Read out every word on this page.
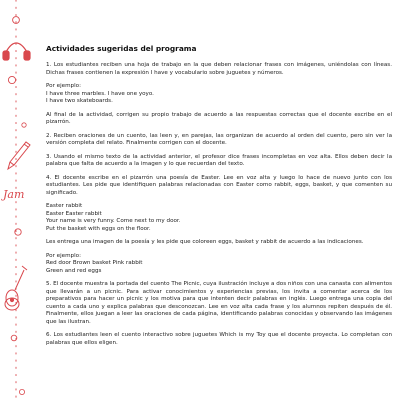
Jam
Actividades sugeridas del programa

1. Los estudiantes reciben una hoja de trabajo en la que deben relacionar frases con imágenes, uniéndolas con líneas. Dichas frases contienen la expresión I have y vocabulario sobre juguetes y números.

Por ejemplo:
I have three marbles. I have one yoyo.
I have two skateboards.

Al final de la actividad, corrigen su propio trabajo de acuerdo a las respuestas correctas que el docente escribe en el pizarrón.

2. Reciben oraciones de un cuento, las leen y, en parejas, las organizan de acuerdo al orden del cuento, pero sin ver la versión completa del relato. Finalmente corrigen con el docente.

3. Usando el mismo texto de la actividad anterior, el profesor dice frases incompletas en voz alta. Ellos deben decir la palabra que falta de acuerdo a la imagen y lo que recuerdan del texto.

4. El docente escribe en el pizarrón una poesía de Easter. Lee en voz alta y luego lo hace de nuevo junto con los estudiantes. Les pide que identifiquen palabras relacionadas con Easter como rabbit, eggs, basket, y que comenten su significado.

Easter rabbit
Easter Easter rabbit
Your name is very funny. Come next to my door.
Put the basket with eggs on the floor.

Les entrega una imagen de la poesía y les pide que coloreen eggs, basket y rabbit de acuerdo a las indicaciones.

Por ejemplo:
Red door Brown basket Pink rabbit
Green and red eggs

5. El docente muestra la portada del cuento The Picnic, cuya ilustración incluye a dos niños con una canasta con alimentos que llevarán a un picnic. Para activar conocimientos y experiencias previas, los invita a comentar acerca de los preparativos para hacer un picnic y los motiva para que intenten decir palabras en inglés. Luego entrega una copia del cuento a cada uno y explica palabras que desconozcan. Lee en voz alta cada frase y los alumnos repiten después de él. Finalmente, ellos juegan a leer las oraciones de cada página, identificando palabras conocidas y observando las imágenes que las ilustran.

6. Los estudiantes leen el cuento interactivo sobre juguetes Which is my Toy que el docente proyecta. Lo completan con palabras que ellos eligen.
